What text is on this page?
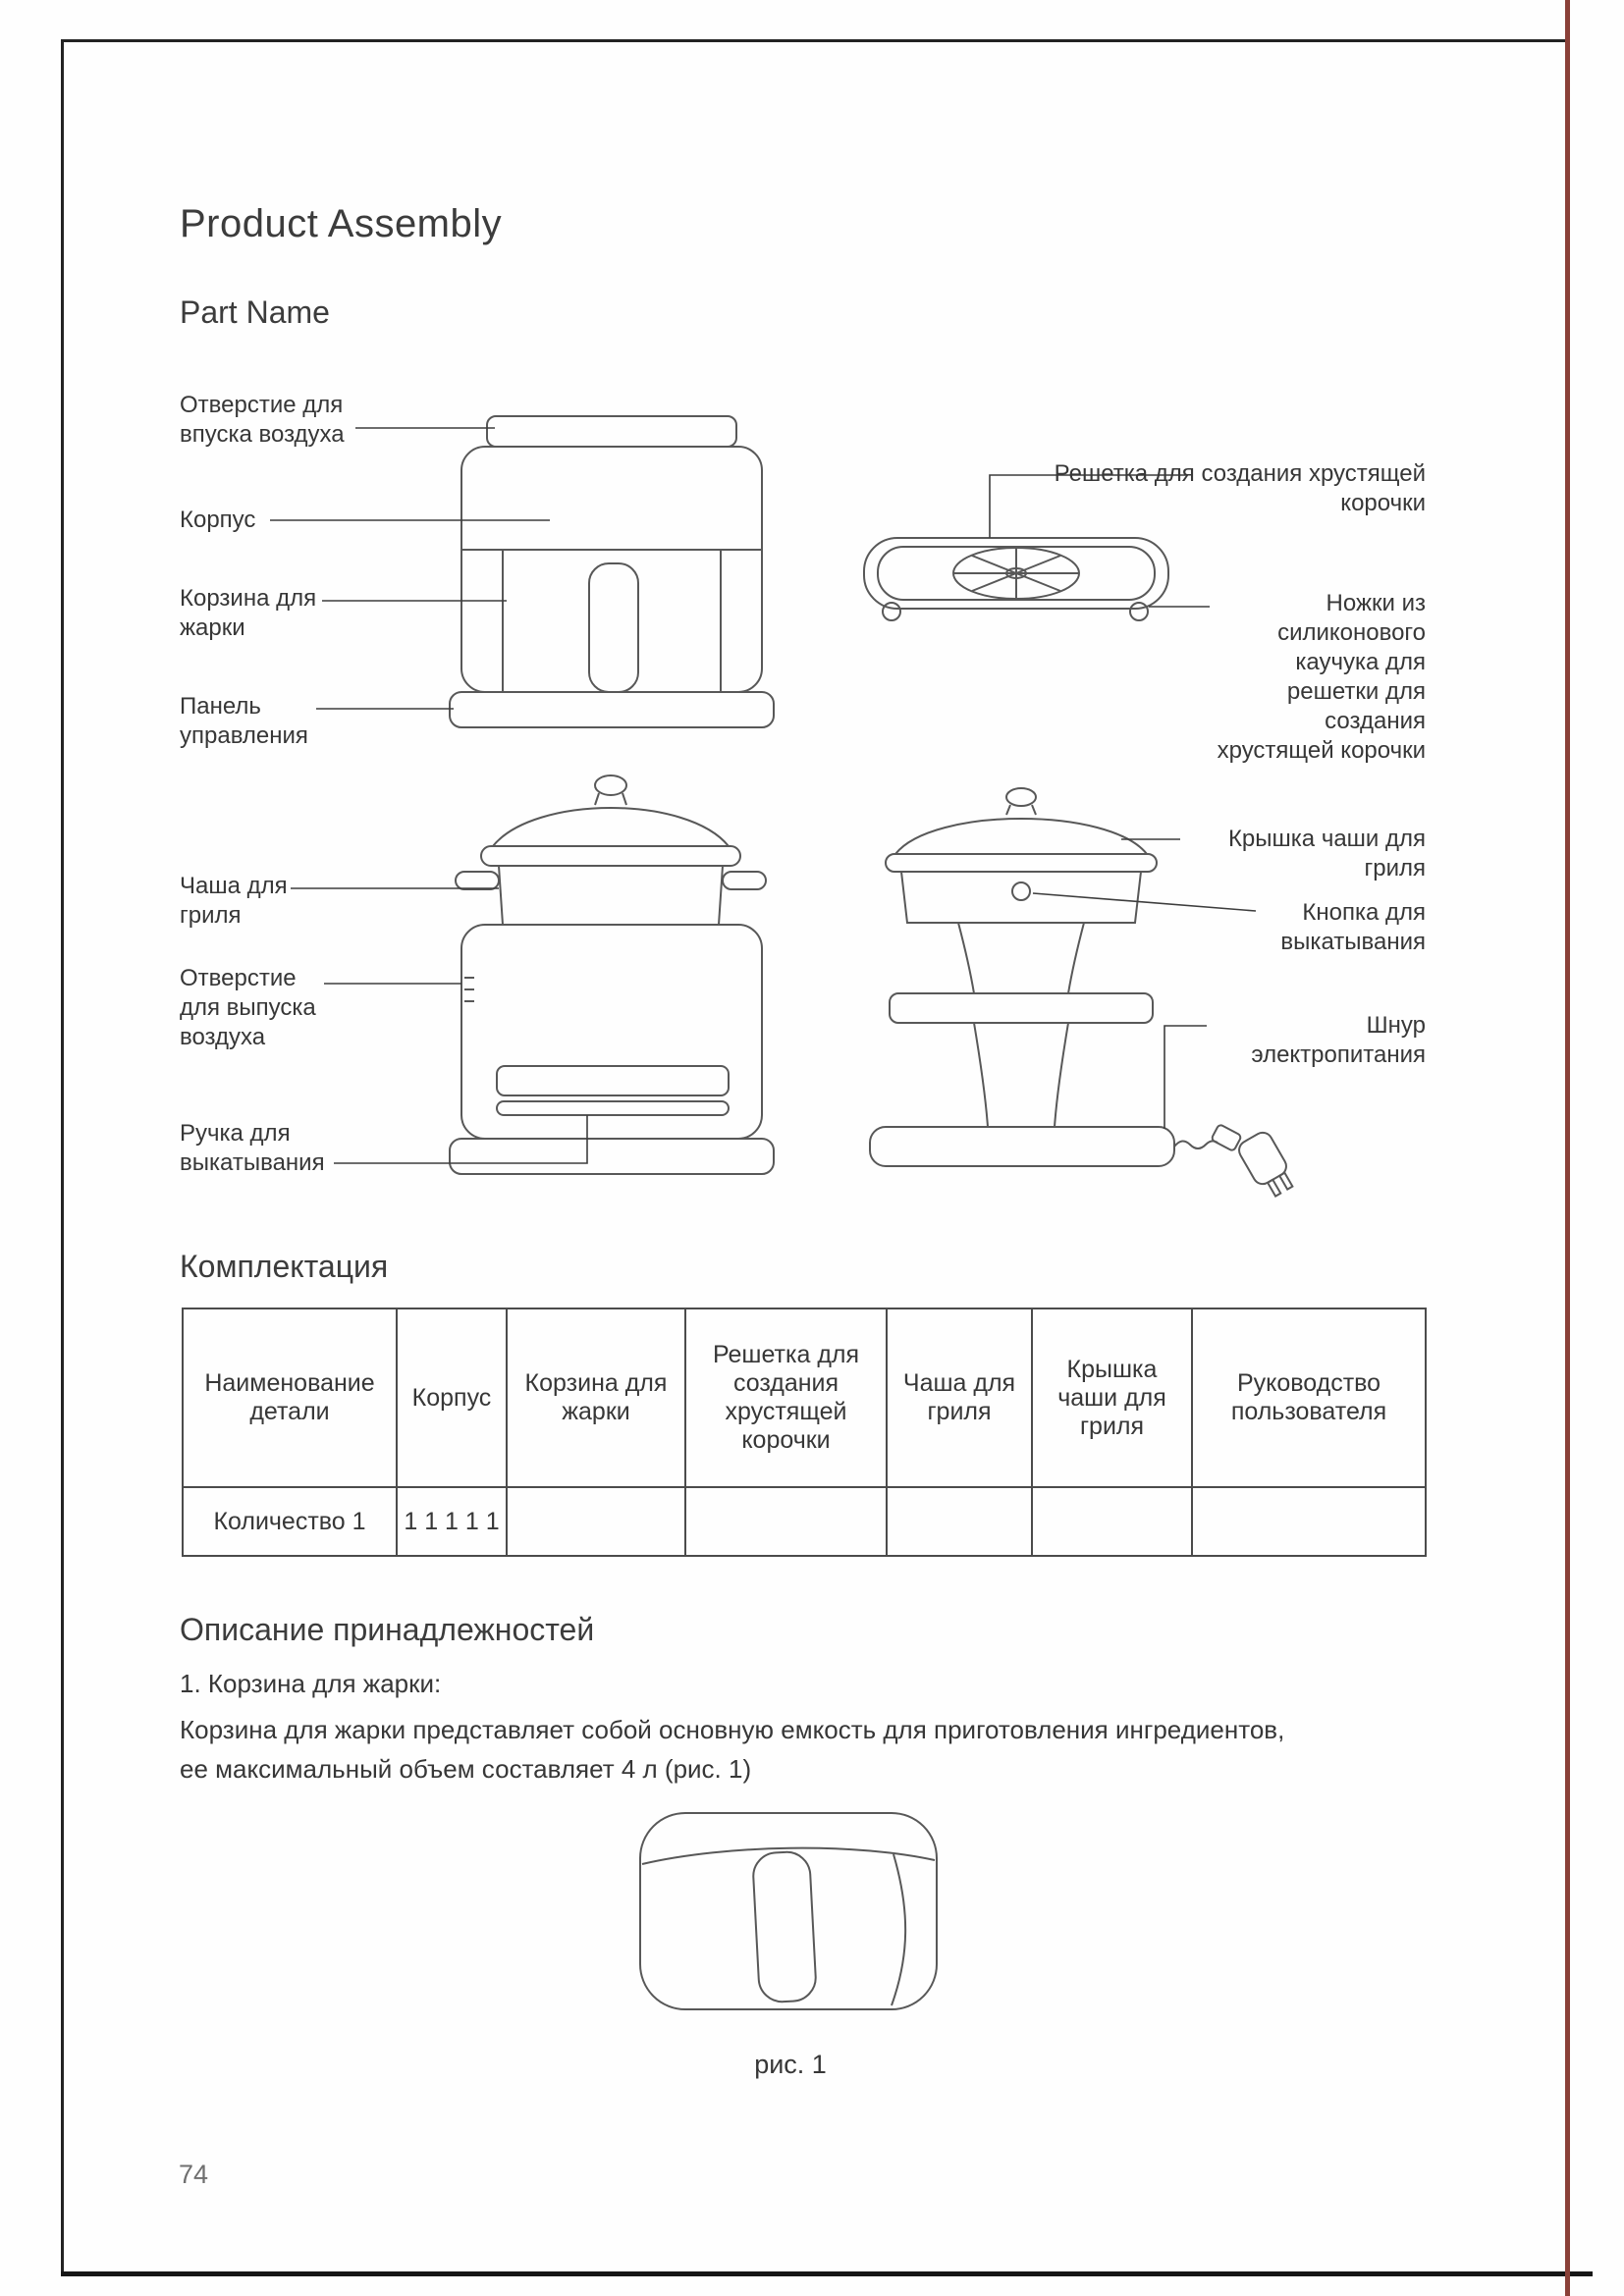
Product Assembly
Part Name
Отверстие для впуска воздуха
Корпус
Корзина для жарки
Панель управления
Чаша для гриля
Отверстие для выпуска воздуха
Ручка для выкатывания
Решетка для создания хрустящей корочки
Ножки из силиконового каучука для решетки для создания хрустящей корочки
Крышка чаши для гриля
Кнопка для выкатывания
Шнур электропитания
Комплектация
Наименование детали	Корпус	Корзина для жарки	Решетка для создания хрустящей корочки	Чаша для гриля	Крышка чаши для гриля	Руководство пользователя
Количество 1	1 1 1 1 1					
Описание принадлежностей
1. Корзина для жарки:
Корзина для жарки представляет собой основную емкость для приготовления ингредиентов, ее максимальный объем составляет 4 л (рис. 1)
рис. 1
74
